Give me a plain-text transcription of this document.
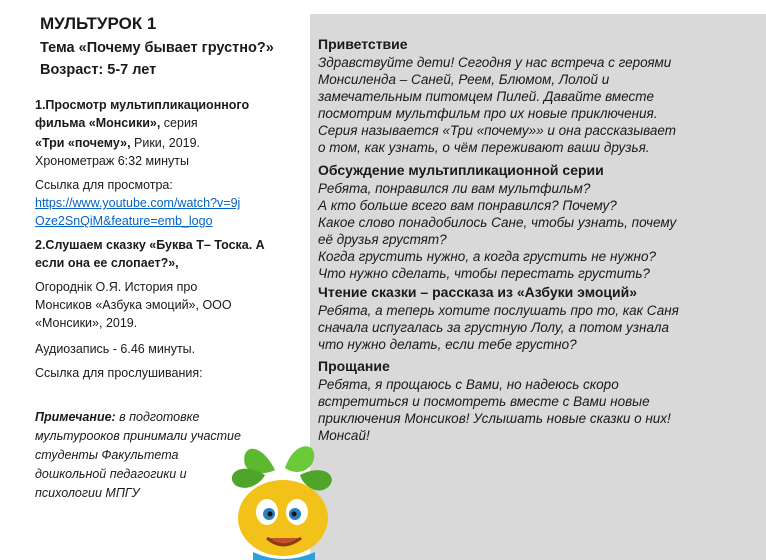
МУЛЬТУРОК 1
Тема «Почему бывает грустно?»
Возраст: 5-7 лет
1.Просмотр мультипликационного
фильма «Монсики», серия
«Три «почему», Рики, 2019.
Хронометраж 6:32 минуты
Ссылка для просмотра:
https://www.youtube.com/watch?v=9j
Oze2SnQiM&feature=emb_logo
2.Слушаем сказку «Буква Т– Тоска. А
если она ее слопает?»,
Огороднік О.Я. История про
Монсиков «Азбука эмоций», ООО
«Монсики», 2019.
Аудиозапись - 6.46 минуты.
Ссылка для прослушивания:
Примечание: в подготовке
мультурооков принимали участие
студенты Факультета
дошкольной педагогики и
психологии МПГУ
Приветствие
Здравствуйте дети! Сегодня у нас встреча с героями
Монсиленда – Саней, Реем, Блюмом, Лолой и
замечательным питомцем Пилей. Давайте вместе
посмотрим мультфильм про их новые приключения.
Серия называется «Три «почему»» и она рассказывает
о том, как узнать, о чём переживают ваши друзья.
Обсуждение мультипликационной серии
Ребята, понравился ли вам мультфильм?
А кто больше всего вам понравился? Почему?
Какое слово понадобилось Сане, чтобы узнать, почему
её друзья грустят?
Когда грустить нужно, а когда грустить не нужно?
Что нужно сделать, чтобы перестать грустить?
Чтение сказки – рассказа из «Азбуки эмоций»
Ребята, а теперь хотите послушать про то, как Саня
сначала испугалась за грустную Лолу, а потом узнала
что нужно делать, если тебе грустно?
Прощание
Ребята, я прощаюсь с Вами, но надеюсь скоро
встретиться и посмотреть вместе с Вами новые
приключения Монсиков! Услышать новые сказки о них!
Монсай!
